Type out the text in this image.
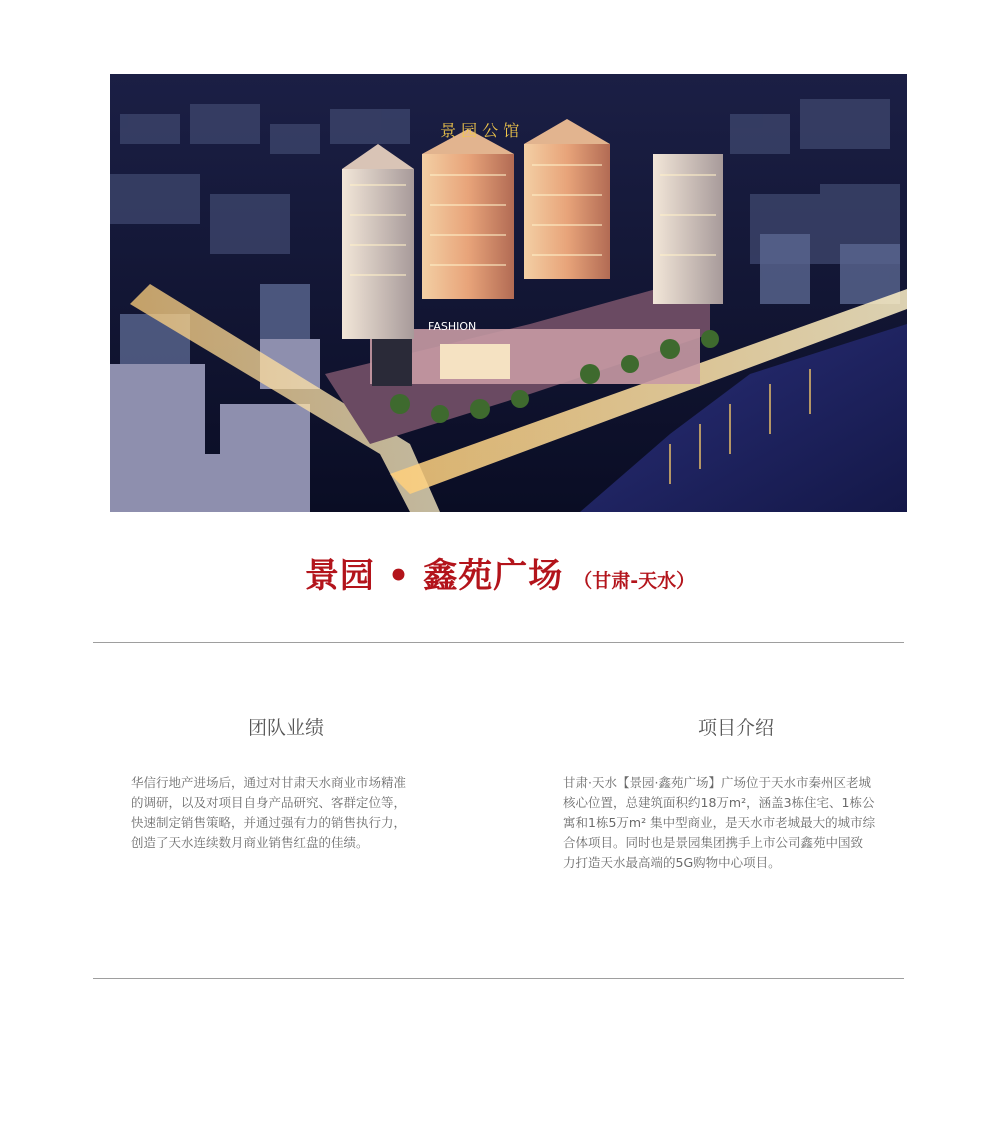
景 园 公 馆
FASHION
景园 • 鑫苑广场 （甘肃-天水）
团队业绩
华信行地产进场后，通过对甘肃天水商业市场精准
的调研，以及对项目自身产品研究、客群定位等，
快速制定销售策略，并通过强有力的销售执行力，
创造了天水连续数月商业销售红盘的佳绩。
项目介绍
甘肃·天水【景园·鑫苑广场】广场位于天水市秦州区老城
核心位置，总建筑面积约18万m²，涵盖3栋住宅、1栋公
寓和1栋5万m² 集中型商业，是天水市老城最大的城市综
合体项目。同时也是景园集团携手上市公司鑫苑中国致
力打造天水最高端的5G购物中心项目。
